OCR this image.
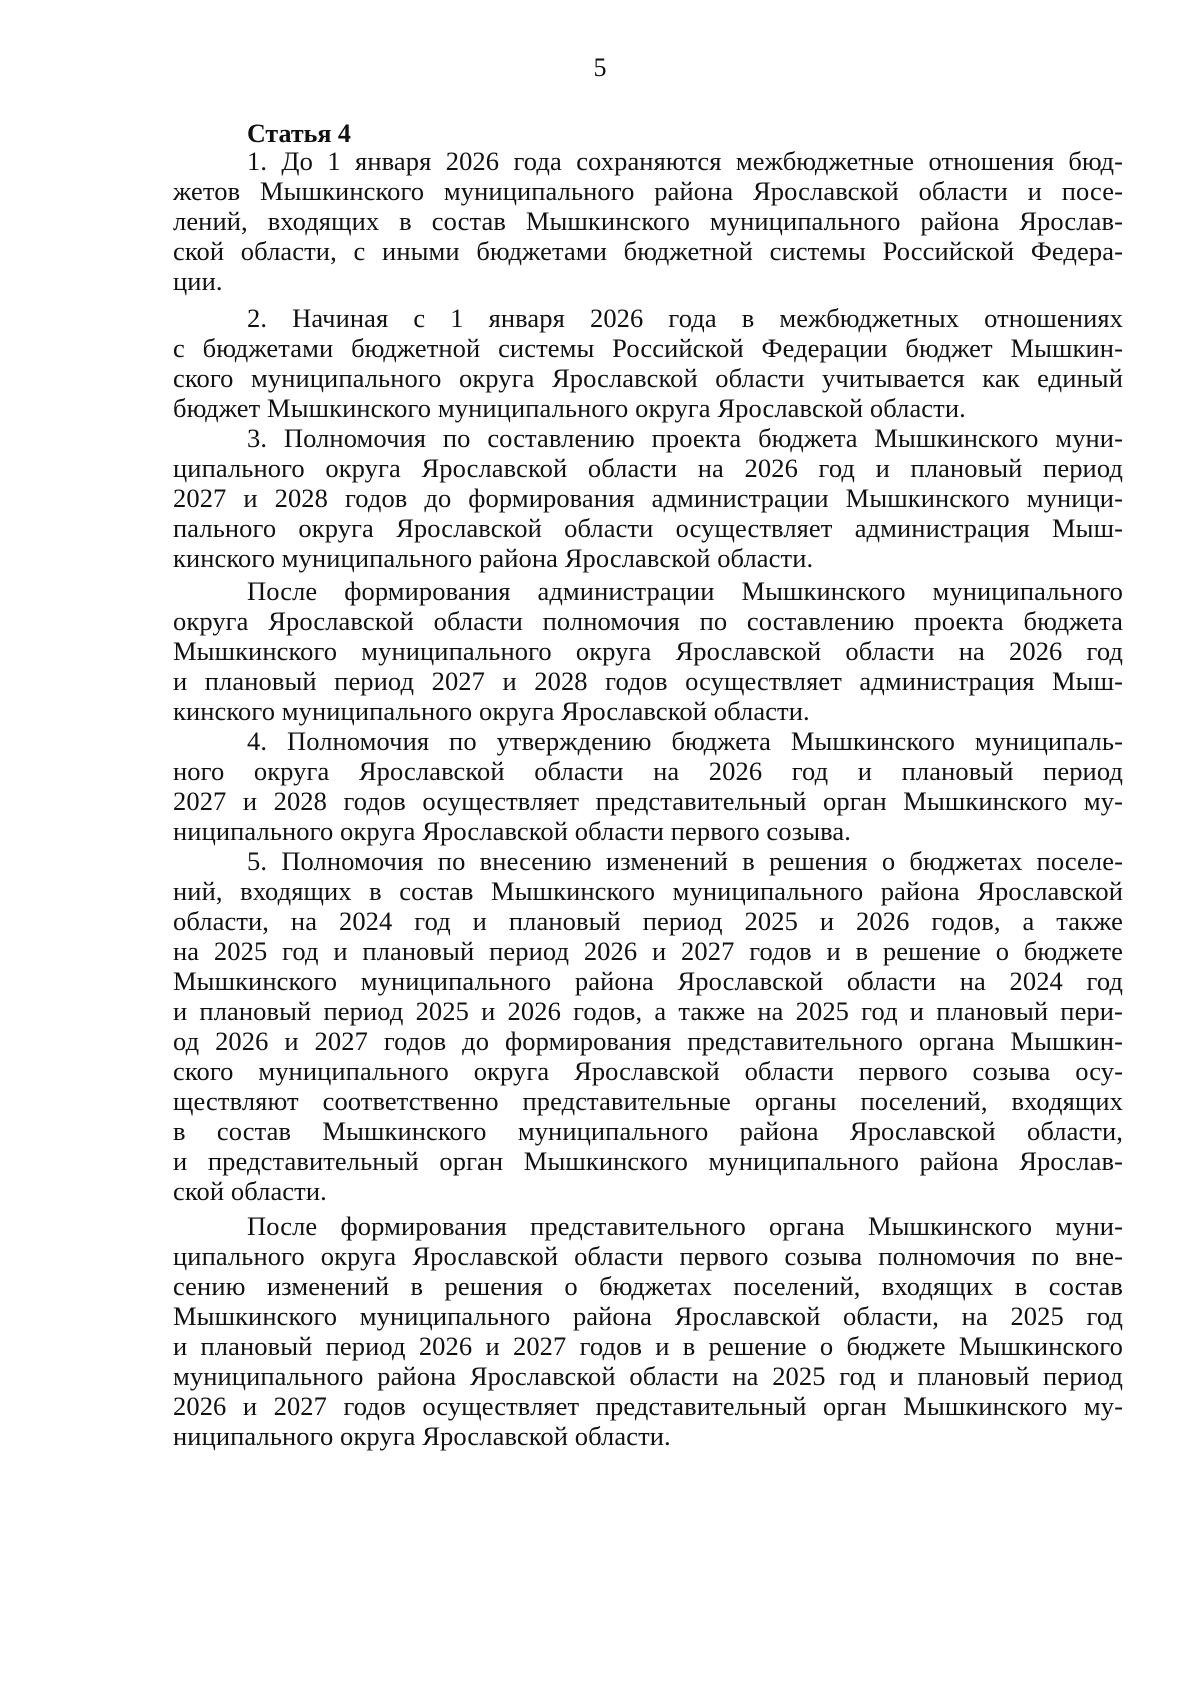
5
Статья 4
1. До 1 января 2026 года сохраняются межбюджетные отношения бюд-
жетов Мышкинского муниципального района Ярославской области и посе-
лений, входящих в состав Мышкинского муниципального района Ярослав-
ской области, с иными бюджетами бюджетной системы Российской Федера-
ции.
2. Начиная с 1 января 2026 года в межбюджетных отношениях
с бюджетами бюджетной системы Российской Федерации бюджет Мышкин-
ского муниципального округа Ярославской области учитывается как единый
бюджет Мышкинского муниципального округа Ярославской области.
3. Полномочия по составлению проекта бюджета Мышкинского муни-
ципального округа Ярославской области на 2026 год и плановый период
2027 и 2028 годов до формирования администрации Мышкинского муници-
пального округа Ярославской области осуществляет администрация Мыш-
кинского муниципального района Ярославской области.
После формирования администрации Мышкинского муниципального
округа Ярославской области полномочия по составлению проекта бюджета
Мышкинского муниципального округа Ярославской области на 2026 год
и плановый период 2027 и 2028 годов осуществляет администрация Мыш-
кинского муниципального округа Ярославской области.
4. Полномочия по утверждению бюджета Мышкинского муниципаль-
ного округа Ярославской области на 2026 год и плановый период
2027 и 2028 годов осуществляет представительный орган Мышкинского му-
ниципального округа Ярославской области первого созыва.
5. Полномочия по внесению изменений в решения о бюджетах поселе-
ний, входящих в состав Мышкинского муниципального района Ярославской
области, на 2024 год и плановый период 2025 и 2026 годов, а также
на 2025 год и плановый период 2026 и 2027 годов и в решение о бюджете
Мышкинского муниципального района Ярославской области на 2024 год
и плановый период 2025 и 2026 годов, а также на 2025 год и плановый пери-
од 2026 и 2027 годов до формирования представительного органа Мышкин-
ского муниципального округа Ярославской области первого созыва осу-
ществляют соответственно представительные органы поселений, входящих
в состав Мышкинского муниципального района Ярославской области,
и представительный орган Мышкинского муниципального района Ярослав-
ской области.
После формирования представительного органа Мышкинского муни-
ципального округа Ярославской области первого созыва полномочия по вне-
сению изменений в решения о бюджетах поселений, входящих в состав
Мышкинского муниципального района Ярославской области, на 2025 год
и плановый период 2026 и 2027 годов и в решение о бюджете Мышкинского
муниципального района Ярославской области на 2025 год и плановый период
2026 и 2027 годов осуществляет представительный орган Мышкинского му-
ниципального округа Ярославской области.
